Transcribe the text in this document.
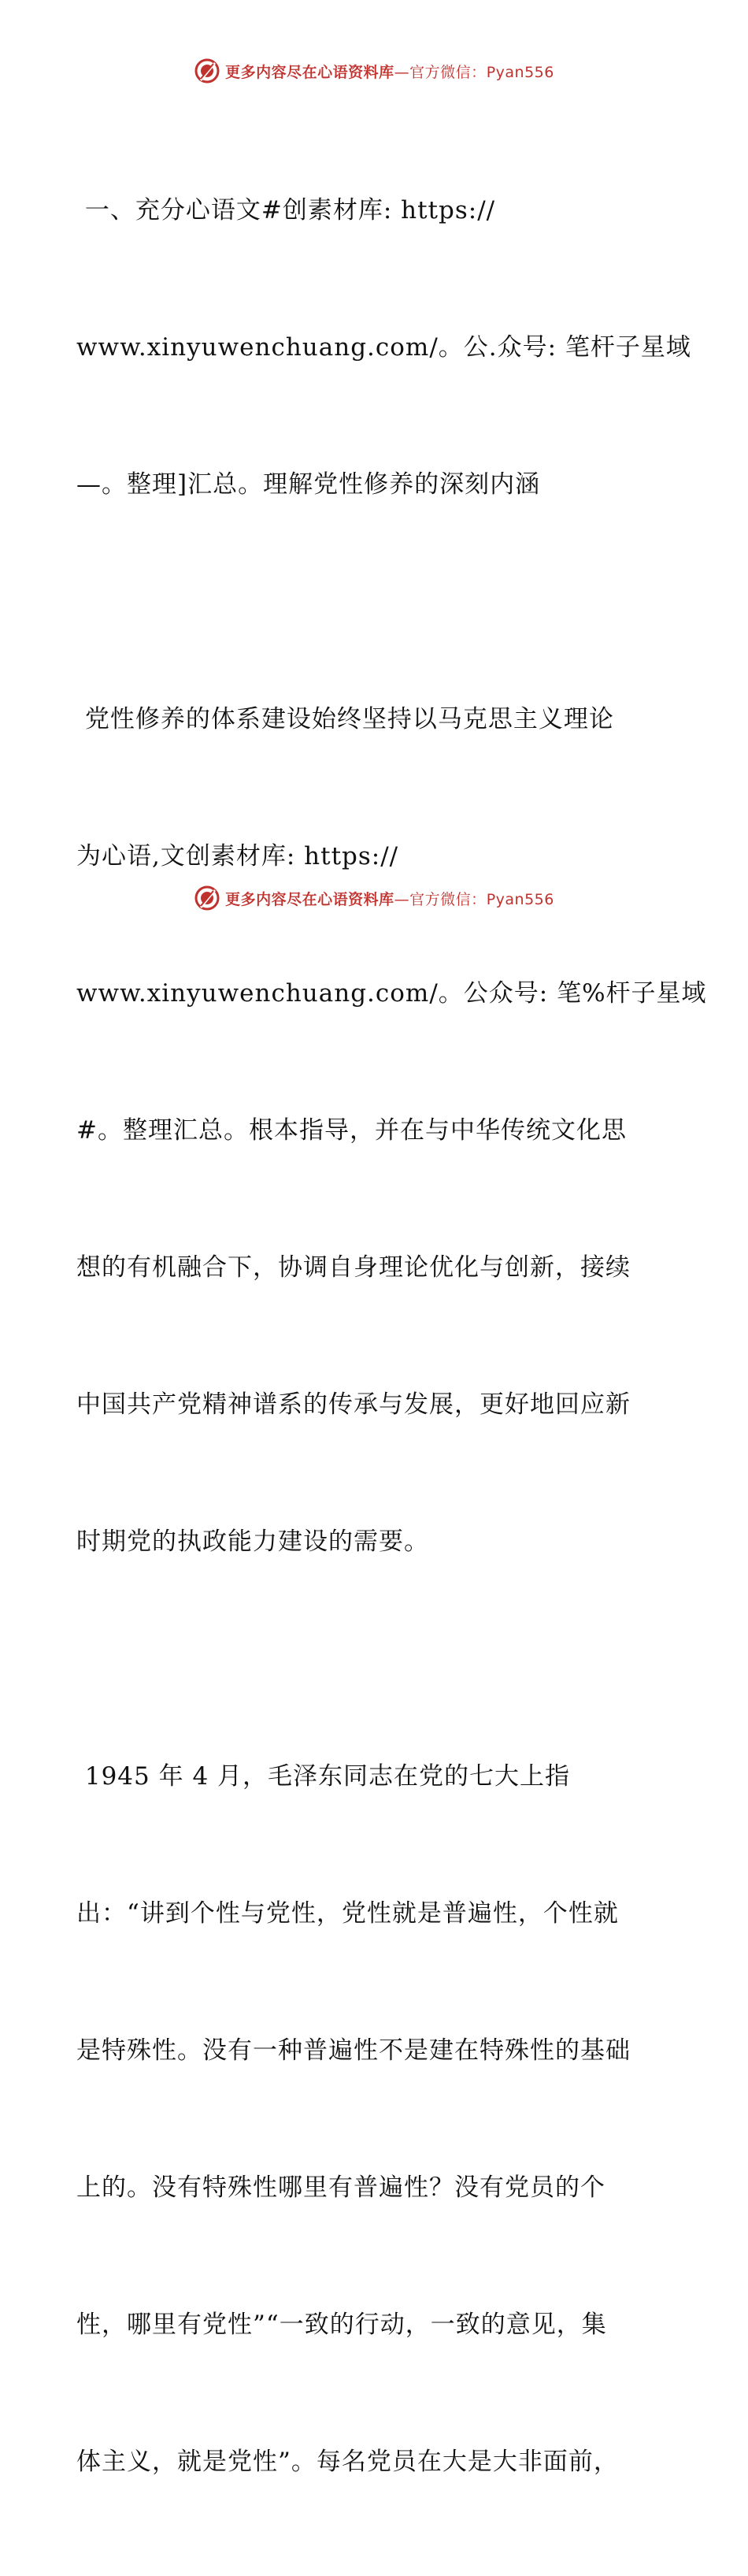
更多内容尽在心语资料库—官方微信：Pyan556

一、充分心语文#创素材库: https://

www.xinyuwenchuang.com/。公.众号: 笔杆子星域

—。整理]汇总。理解党性修养的深刻内涵

党性修养的体系建设始终坚持以马克思主义理论

为心语,文创素材库: https://

www.xinyuwenchuang.com/。公众号: 笔%杆子星域

#。整理汇总。根本指导，并在与中华传统文化思

想的有机融合下，协调自身理论优化与创新，接续

中国共产党精神谱系的传承与发展，更好地回应新

时期党的执政能力建设的需要。

1945 年 4 月，毛泽东同志在党的七大上指

出：“讲到个性与党性，党性就是普遍性，个性就

是特殊性。没有一种普遍性不是建在特殊性的基础

上的。没有特殊性哪里有普遍性？没有党员的个

性，哪里有党性”“一致的行动，一致的意见，集

体主义，就是党性”。每名党员在大是大非面前，

更多内容尽在心语资料库—官方微信：Pyan556
